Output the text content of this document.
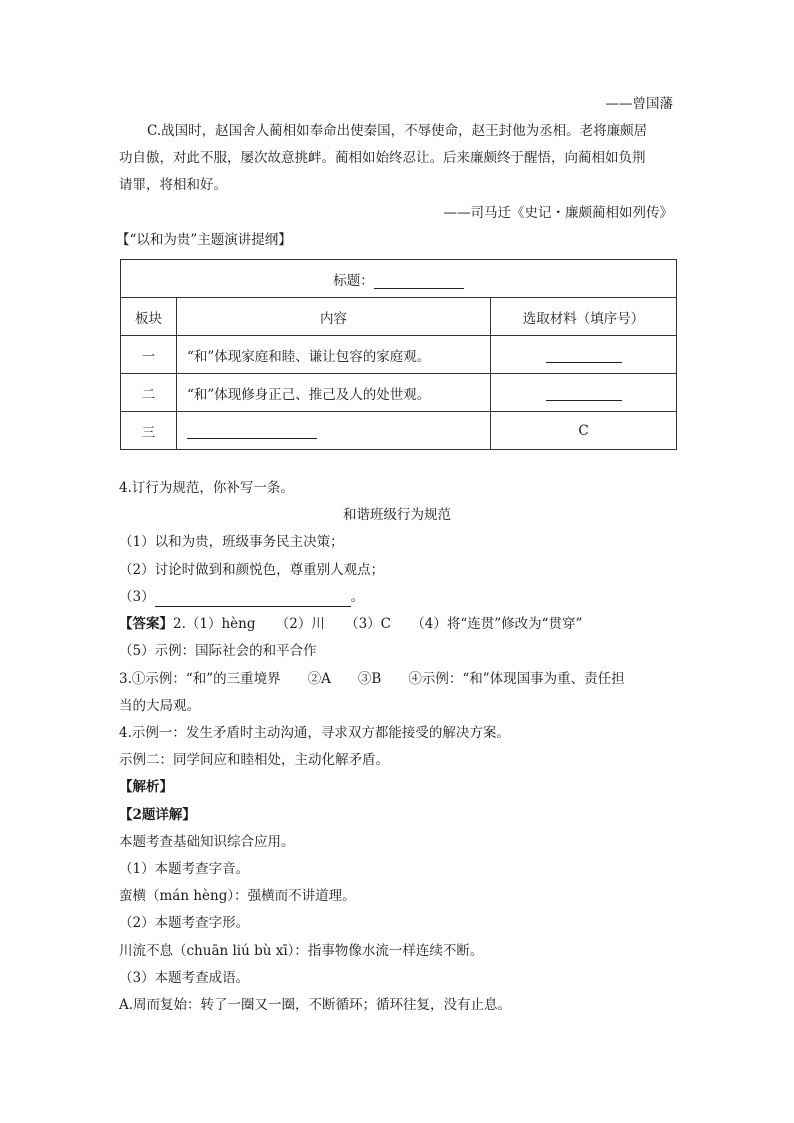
——曾国藩
C.战国时，赵国舍人蔺相如奉命出使秦国，不辱使命，赵王封他为丞相。老将廉颇居
功自傲，对此不服，屡次故意挑衅。蔺相如始终忍让。后来廉颇终于醒悟，向蔺相如负荆
请罪，将相和好。
——司马迁《史记・廉颇蔺相如列传》
【“以和为贵”主题演讲提纲】
标题：		
板块	内容	选取材料（填序号）
一	“和”体现家庭和睦、谦让包容的家庭观。	
二	“和”体现修身正己、推己及人的处世观。	
三		C
4.订行为规范，你补写一条。
和谐班级行为规范
（1）以和为贵，班级事务民主决策；
（2）讨论时做到和颜悦色，尊重别人观点；
（3）	。
【答案】2.（1）hèng　　（2）川　　（3）C　　（4）将“连贯”修改为“贯穿”
（5）示例：国际社会的和平合作
3.①示例：“和”的三重境界　　②A　　③B　　④示例：“和”体现国事为重、责任担
当的大局观。
4.示例一：发生矛盾时主动沟通，寻求双方都能接受的解决方案。
示例二：同学间应和睦相处，主动化解矛盾。
【解析】
【2题详解】
本题考查基础知识综合应用。
（1）本题考查字音。
蛮横（mán hèng）：强横而不讲道理。
（2）本题考查字形。
川流不息（chuān liú bù xī）：指事物像水流一样连续不断。
（3）本题考查成语。
A.周而复始：转了一圈又一圈，不断循环；循环往复，没有止息。
